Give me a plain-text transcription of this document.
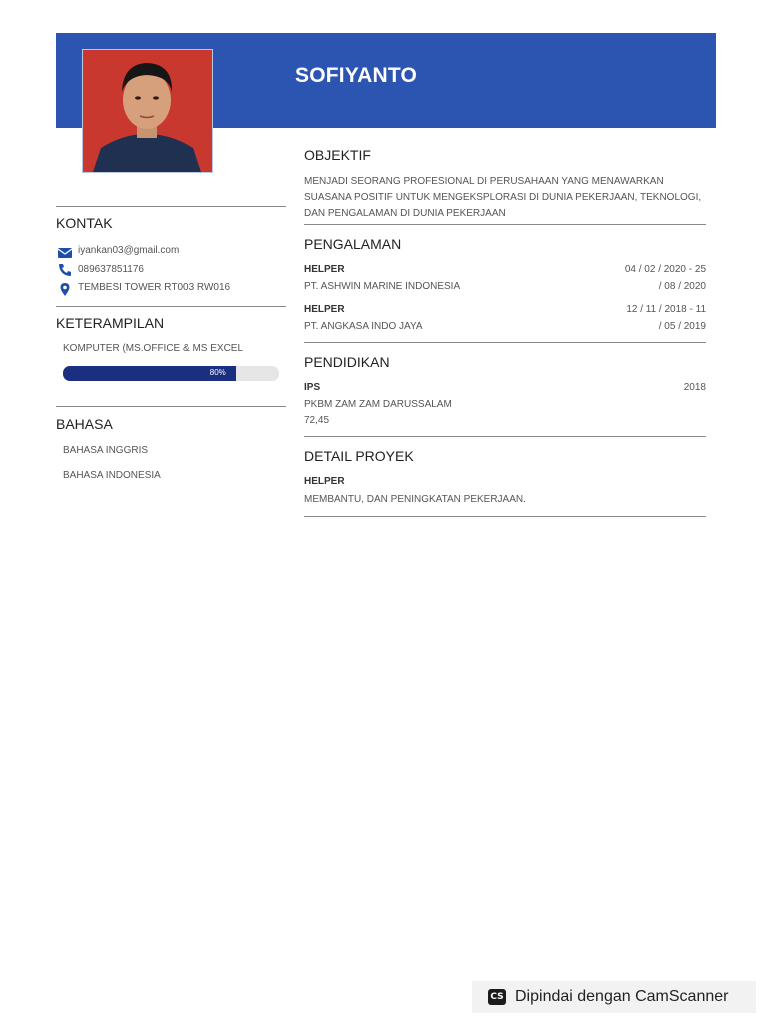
SOFIYANTO
KONTAK
iyankan03@gmail.com
089637851176
TEMBESI TOWER RT003 RW016
KETERAMPILAN
KOMPUTER (MS.OFFICE & MS EXCEL
80%
BAHASA
BAHASA INGGRIS
BAHASA INDONESIA
OBJEKTIF
MENJADI SEORANG PROFESIONAL DI PERUSAHAAN YANG MENAWARKAN
SUASANA POSITIF UNTUK MENGEKSPLORASI DI DUNIA PEKERJAAN, TEKNOLOGI,
DAN PENGALAMAN DI DUNIA PEKERJAAN
PENGALAMAN
HELPER
PT. ASHWIN MARINE INDONESIA
04 / 02 / 2020 - 25
/ 08 / 2020
HELPER
PT. ANGKASA INDO JAYA
12 / 11 / 2018 - 11
/ 05 / 2019
PENDIDIKAN
IPS	2018
PKBM ZAM ZAM DARUSSALAM
72,45
DETAIL PROYEK
HELPER
MEMBANTU, DAN PENINGKATAN PEKERJAAN.
CS Dipindai dengan CamScanner
